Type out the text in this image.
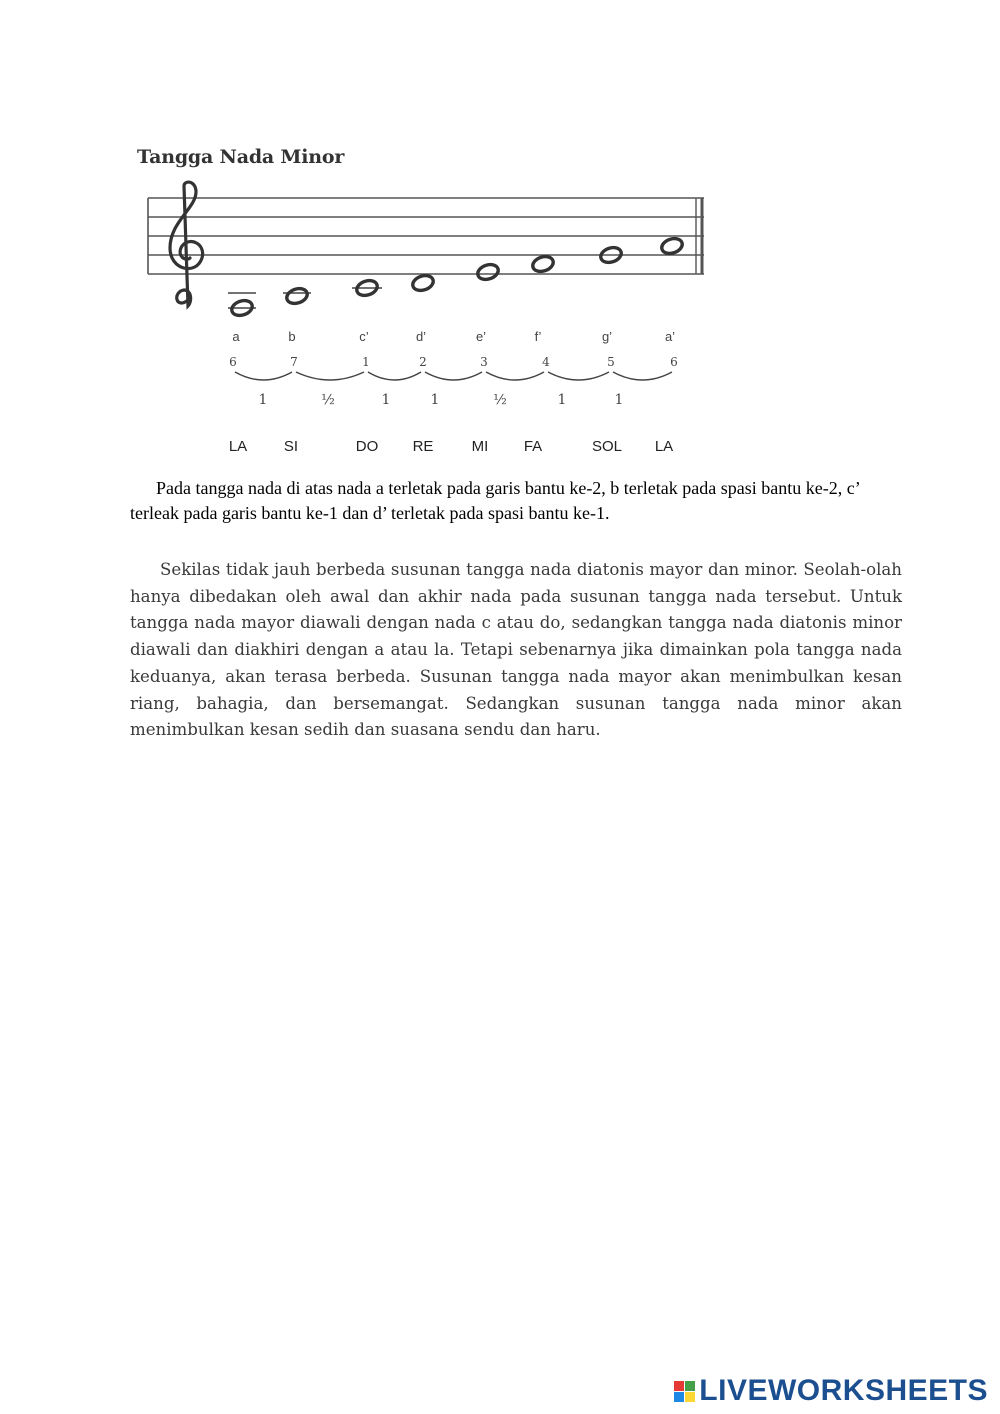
Tangga Nada Minor
a	b	c’	d’	e’	f’	g’	a’
6	7	1	2	3	4	5	6
1	½	1	1	½	1	1
Pada tangga nada di atas nada a terletak pada garis bantu ke-2, b terletak pada spasi bantu ke-2, c’ terleak pada garis bantu ke-1 dan d’ terletak pada spasi bantu ke-1.
Sekilas tidak jauh berbeda susunan tangga nada diatonis mayor dan minor. Seolah-olah hanya dibedakan oleh awal dan akhir nada pada susunan tangga nada tersebut. Untuk tangga nada mayor diawali dengan nada c atau do, sedangkan tangga nada diatonis minor diawali dan diakhiri dengan a atau la. Tetapi sebenarnya jika dimainkan pola tangga nada keduanya, akan terasa berbeda. Susunan tangga nada mayor akan menimbulkan kesan riang, bahagia, dan bersemangat. Sedangkan susunan tangga nada minor akan menimbulkan kesan sedih dan suasana sendu dan haru.
LIVEWORKSHEETS
LA	SI	DO	RE	MI	FA	SOL	LA
